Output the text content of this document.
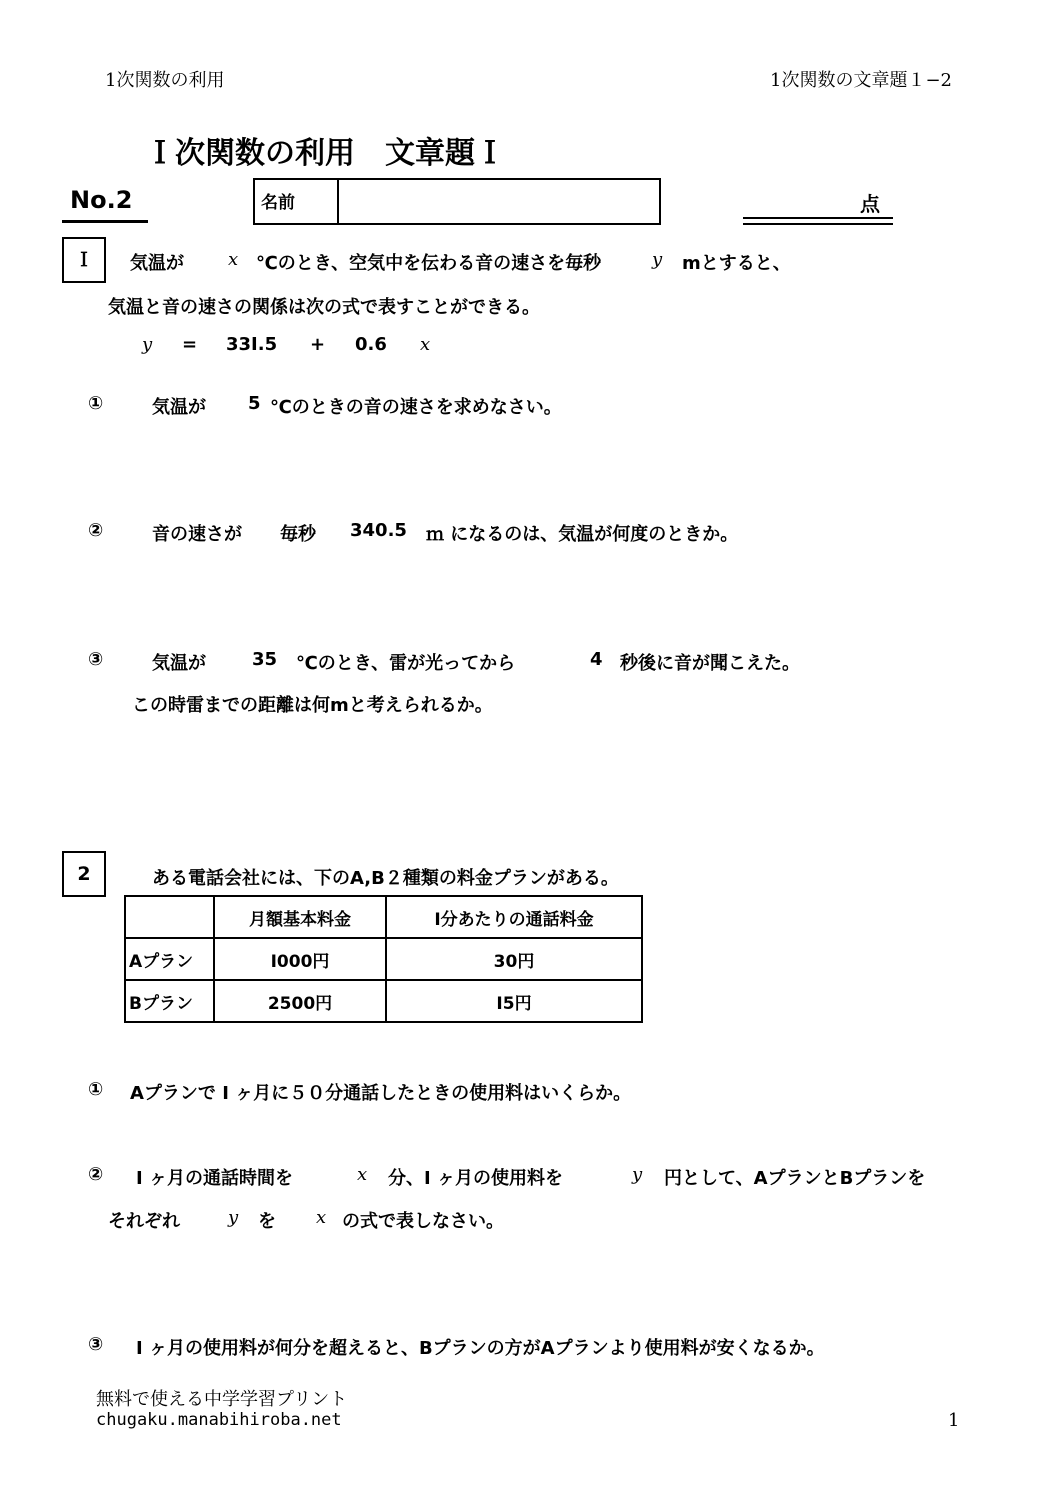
1次関数の利用	1次関数の文章題１−2
Ｉ次関数の利用　文章題Ｉ
No.2	名前	点
Ｉ	気温が x ℃のとき、空気中を伝わる音の速さを毎秒	y mとすると、
気温と音の速さの関係は次の式で表すことができる。
y = 33I.5 + 0.6 x
①	気温が 5 ℃のときの音の速さを求めなさい。
②	音の速さが 毎秒 340.5 ｍ になるのは、気温が何度のときか。
③	気温が	35 ℃のとき、雷が光ってから	4 秒後に音が聞こえた。
この時雷までの距離は何mと考えられるか。
2	ある電話会社には、下のA,B２種類の料金プランがある。
	月額基本料金	I分あたりの通話料金
Aプラン	I000円	30円
Bプラン	2500円	I5円
① Aプランで I ヶ月に５０分通話したときの使用料はいくらか。
② I ヶ月の通話時間を	x 分、I ヶ月の使用料を	y 円として、AプランとBプランを
それぞれ	y を x の式で表しなさい。
③ I ヶ月の使用料が何分を超えると、Bプランの方がAプランより使用料が安くなるか。
無料で使える中学学習プリント
chugaku.manabihiroba.net	1
